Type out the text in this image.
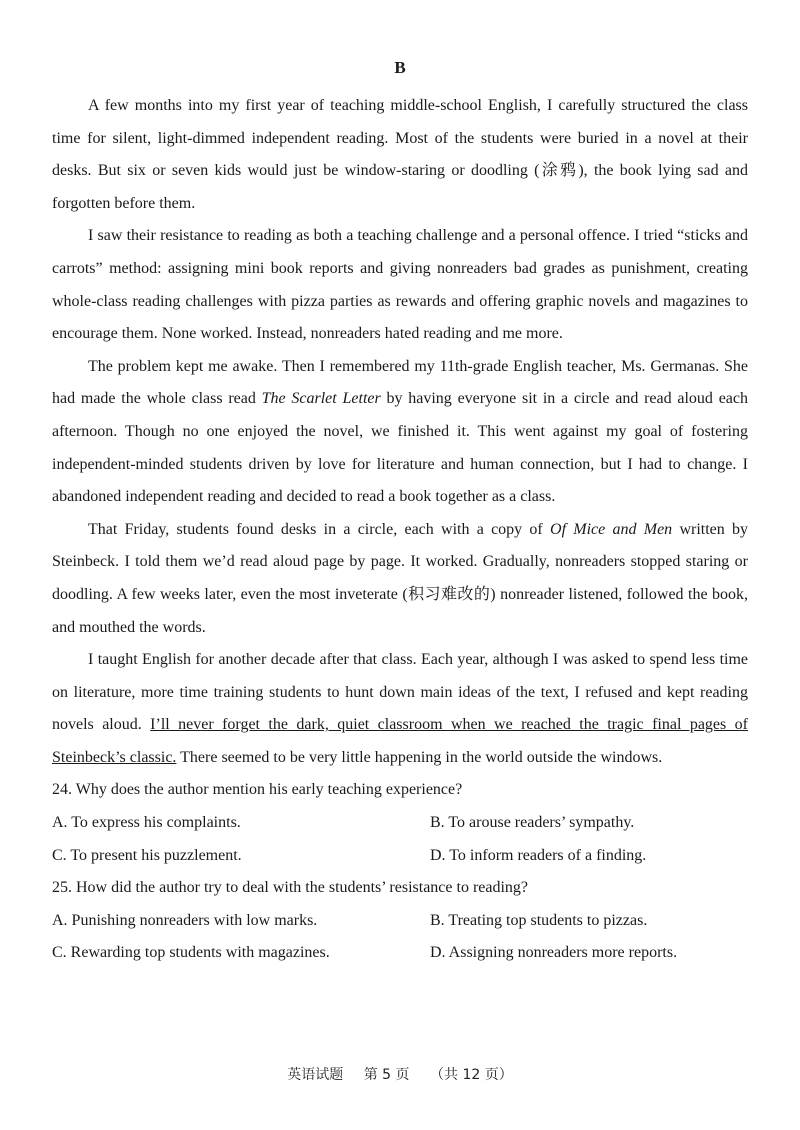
B

A few months into my first year of teaching middle-school English, I carefully structured the class time for silent, light-dimmed independent reading. Most of the students were buried in a novel at their desks. But six or seven kids would just be window-staring or doodling (涂鸦), the book lying sad and forgotten before them.

I saw their resistance to reading as both a teaching challenge and a personal offence. I tried “sticks and carrots” method: assigning mini book reports and giving nonreaders bad grades as punishment, creating whole-class reading challenges with pizza parties as rewards and offering graphic novels and magazines to encourage them. None worked. Instead, nonreaders hated reading and me more.

The problem kept me awake. Then I remembered my 11th-grade English teacher, Ms. Germanas. She had made the whole class read The Scarlet Letter by having everyone sit in a circle and read aloud each afternoon. Though no one enjoyed the novel, we finished it. This went against my goal of fostering independent-minded students driven by love for literature and human connection, but I had to change. I abandoned independent reading and decided to read a book together as a class.

That Friday, students found desks in a circle, each with a copy of Of Mice and Men written by Steinbeck. I told them we’d read aloud page by page. It worked. Gradually, nonreaders stopped staring or doodling. A few weeks later, even the most inveterate (积习难改的) nonreader listened, followed the book, and mouthed the words.

I taught English for another decade after that class. Each year, although I was asked to spend less time on literature, more time training students to hunt down main ideas of the text, I refused and kept reading novels aloud. I’ll never forget the dark, quiet classroom when we reached the tragic final pages of Steinbeck’s classic. There seemed to be very little happening in the world outside the windows.

24. Why does the author mention his early teaching experience?

A. To express his complaints.	B. To arouse readers’ sympathy.
C. To present his puzzlement.	D. To inform readers of a finding.

25. How did the author try to deal with the students’ resistance to reading?

A. Punishing nonreaders with low marks.	B. Treating top students to pizzas.
C. Rewarding top students with magazines.	D. Assigning nonreaders more reports.
英语试题 第 5 页 （共 12 页）
